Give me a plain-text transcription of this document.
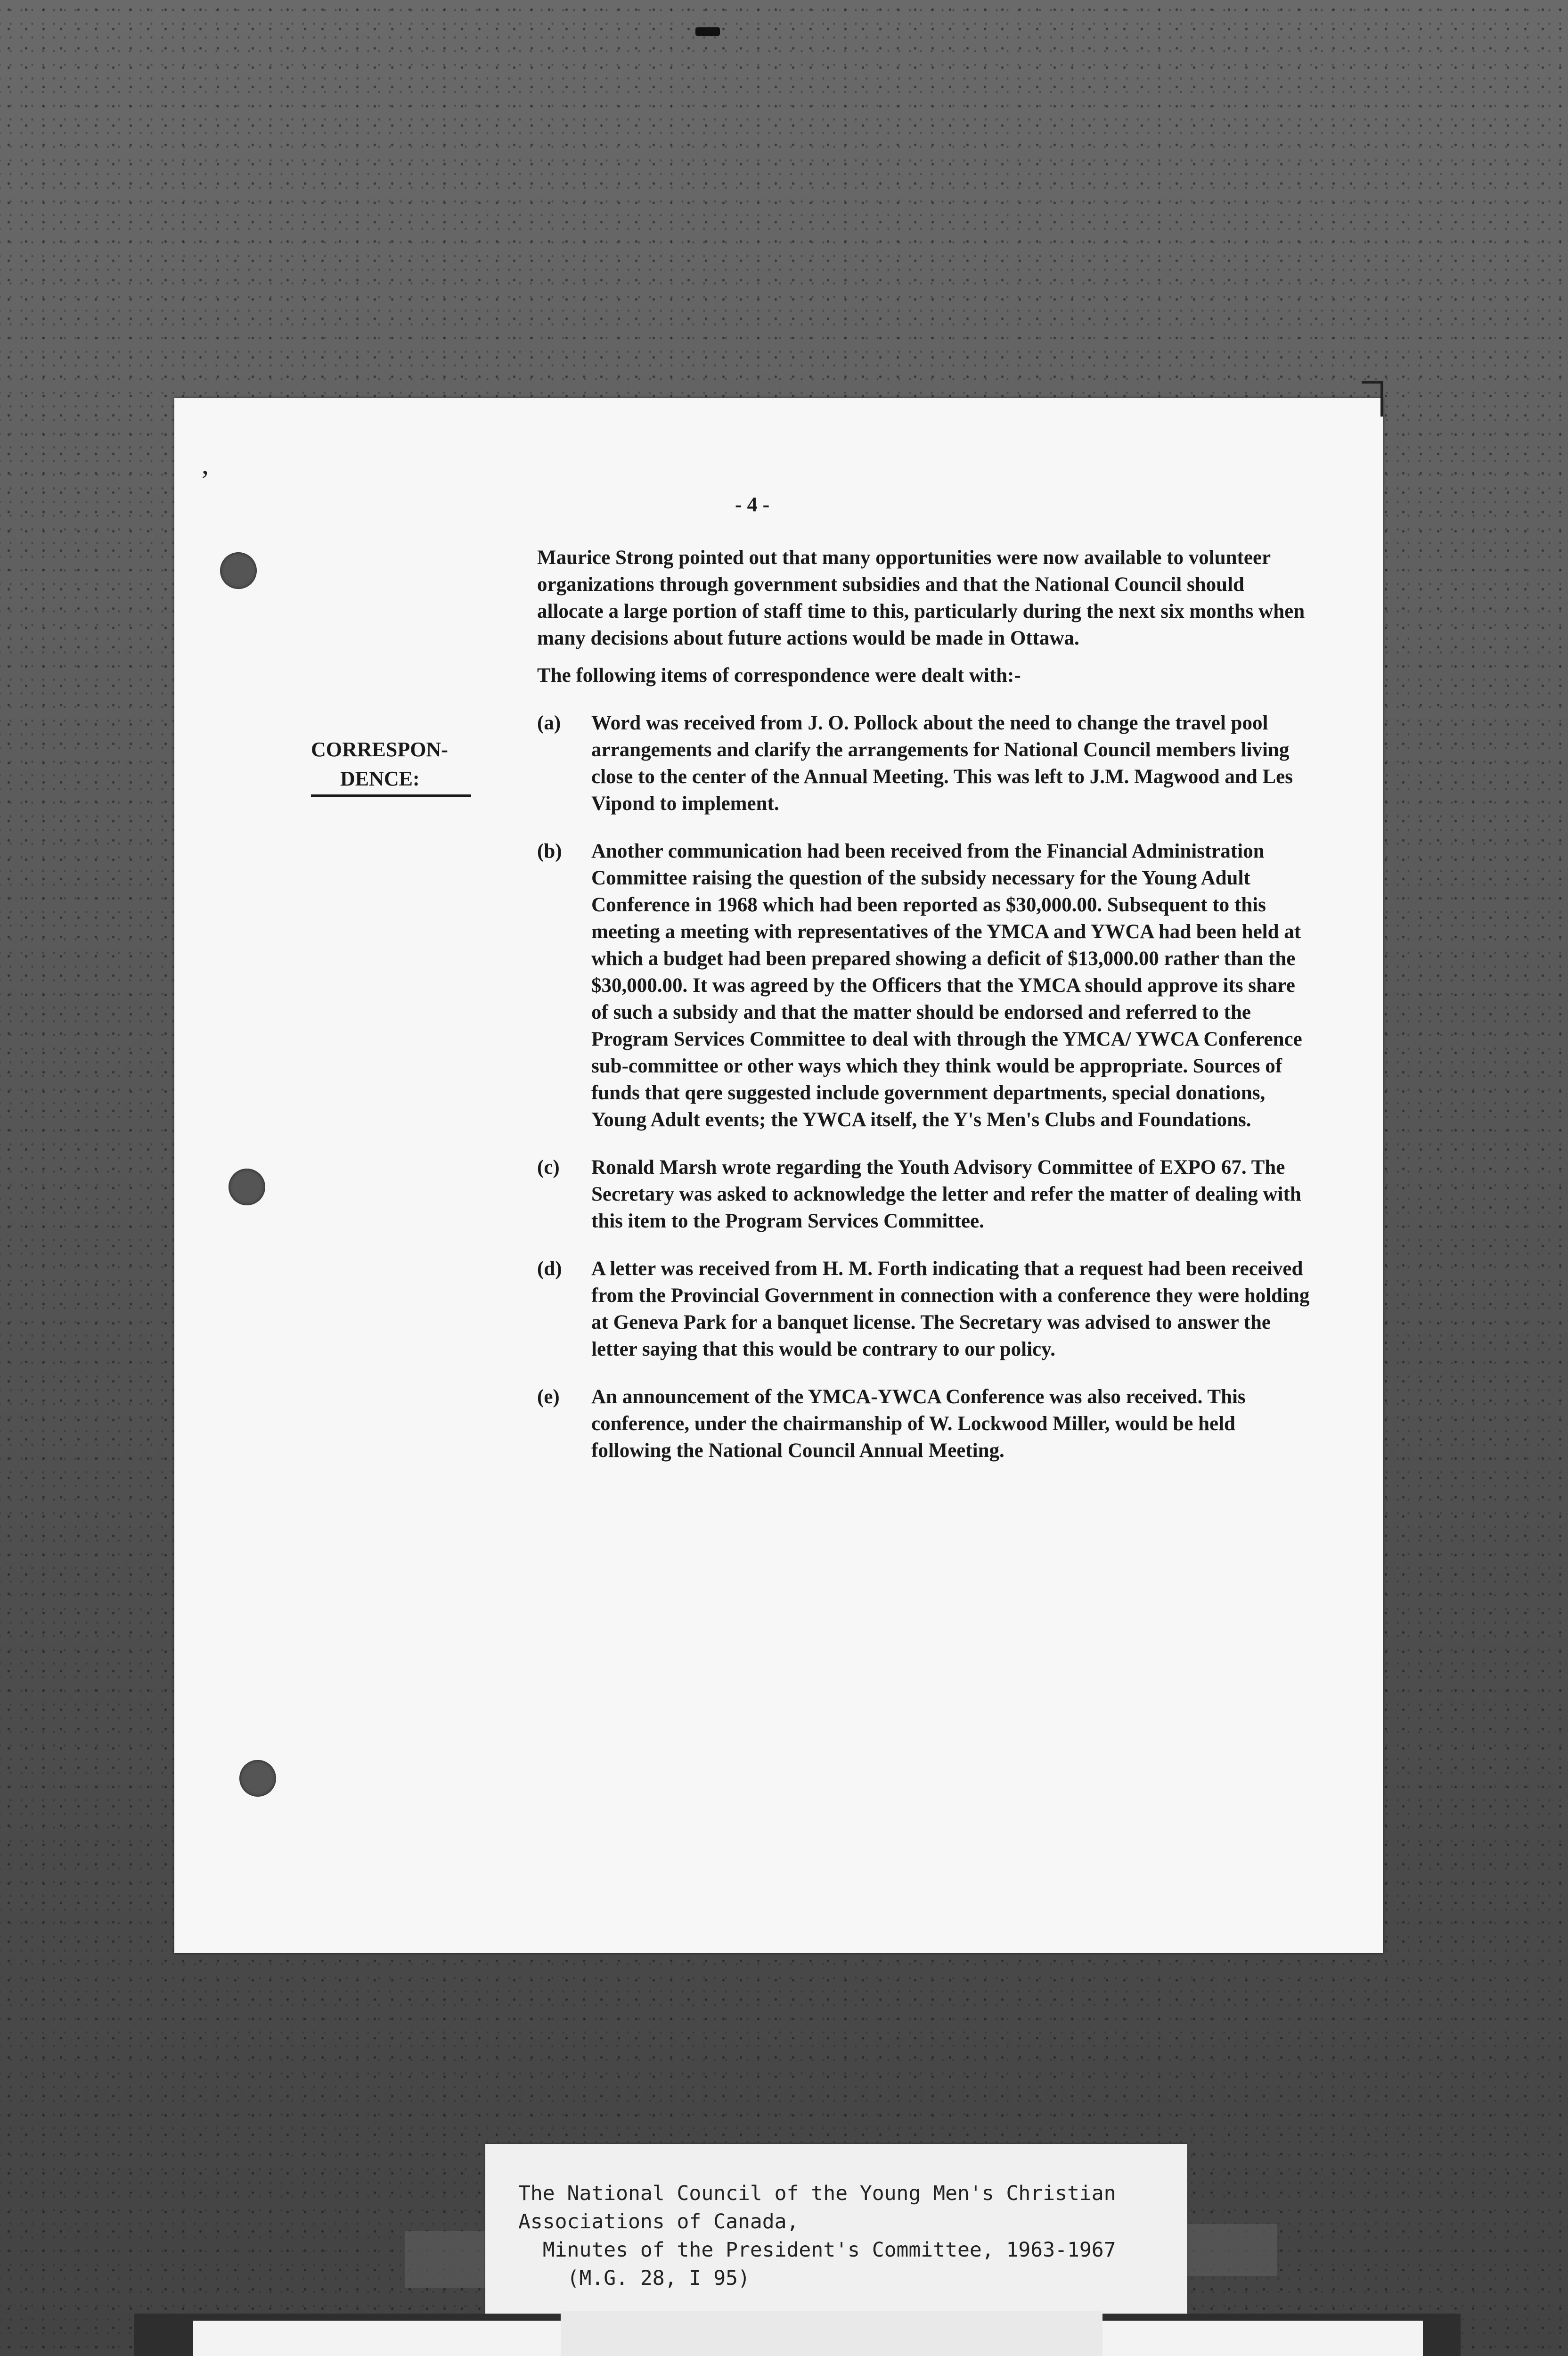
ʼ
- 4 -
CORRESPON-
DENCE:

Maurice Strong pointed out that many opportunities were now available to volunteer organizations through government subsidies and that the National Council should allocate a large portion of staff time to this, particularly during the next six months when many decisions about future actions would be made in Ottawa.

The following items of correspondence were dealt with:-

(a)	Word was received from J. O. Pollock about the need to change the travel pool arrangements and clarify the arrangements for National Council members living close to the center of the Annual Meeting. This was left to J.M. Magwood and Les Vipond to implement.
(b)	Another communication had been received from the Financial Administration Committee raising the question of the subsidy necessary for the Young Adult Conference in 1968 which had been reported as $30,000.00. Subsequent to this meeting a meeting with representatives of the YMCA and YWCA had been held at which a budget had been prepared showing a deficit of $13,000.00 rather than the $30,000.00. It was agreed by the Officers that the YMCA should approve its share of such a subsidy and that the matter should be endorsed and referred to the Program Services Committee to deal with through the YMCA/ YWCA Conference sub-committee or other ways which they think would be appropriate. Sources of funds that qere suggested include government departments, special donations, Young Adult events; the YWCA itself, the Y's Men's Clubs and Foundations.
(c)	Ronald Marsh wrote regarding the Youth Advisory Committee of EXPO 67. The Secretary was asked to acknowledge the letter and refer the matter of dealing with this item to the Program Services Committee.
(d)	A letter was received from H. M. Forth indicating that a request had been received from the Provincial Government in connection with a conference they were holding at Geneva Park for a banquet license. The Secretary was advised to answer the letter saying that this would be contrary to our policy.
(e)	An announcement of the YMCA-YWCA Conference was also received. This conference, under the chairmanship of W. Lockwood Miller, would be held following the National Council Annual Meeting.
The National Council of the Young Men's Christian
Associations of Canada,
Minutes of the President's Committee, 1963-1967
(M.G. 28, I 95)
